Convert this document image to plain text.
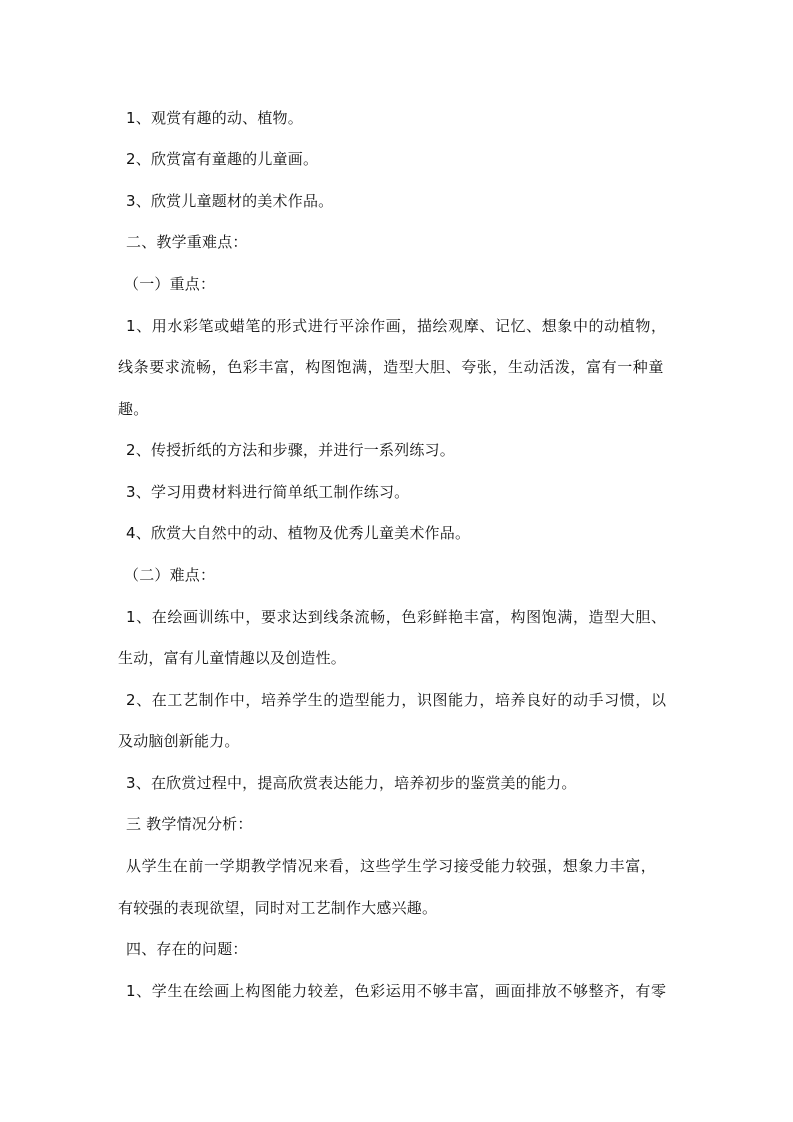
1、观赏有趣的动、植物。
2、欣赏富有童趣的儿童画。
3、欣赏儿童题材的美术作品。
二、教学重难点：
（一）重点：
1、用水彩笔或蜡笔的形式进行平涂作画，描绘观摩、记忆、想象中的动植物，
线条要求流畅，色彩丰富，构图饱满，造型大胆、夸张，生动活泼，富有一种童
趣。
2、传授折纸的方法和步骤，并进行一系列练习。
3、学习用费材料进行简单纸工制作练习。
4、欣赏大自然中的动、植物及优秀儿童美术作品。
（二）难点：
1、在绘画训练中，要求达到线条流畅，色彩鲜艳丰富，构图饱满，造型大胆、
生动，富有儿童情趣以及创造性。
2、在工艺制作中，培养学生的造型能力，识图能力，培养良好的动手习惯，以
及动脑创新能力。
3、在欣赏过程中，提高欣赏表达能力，培养初步的鉴赏美的能力。
三 教学情况分析：
从学生在前一学期教学情况来看，这些学生学习接受能力较强，想象力丰富，
有较强的表现欲望，同时对工艺制作大感兴趣。
四、存在的问题：
1、学生在绘画上构图能力较差，色彩运用不够丰富，画面排放不够整齐，有零
